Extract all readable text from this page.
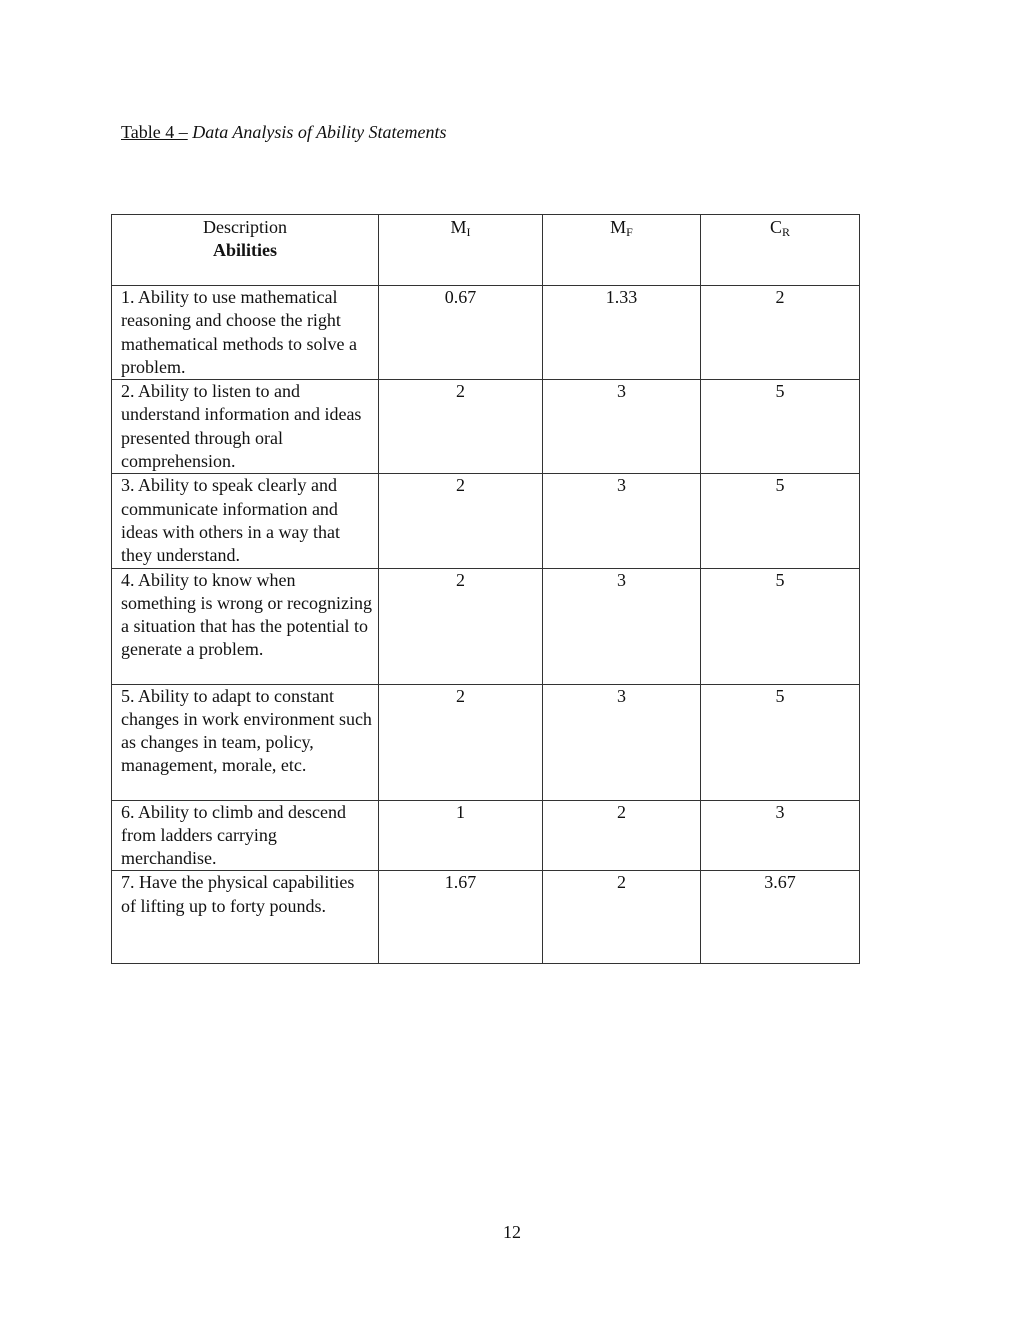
Table 4 – Data Analysis of Ability Statements
Description
Abilities	$M_I$	$M_F$	$C_R$
1. Ability to use mathematical reasoning and choose the right mathematical methods to solve a problem.	0.67	1.33	2
2. Ability to listen to and understand information and ideas presented through oral comprehension.	2	3	5
3. Ability to speak clearly and communicate information and ideas with others in a way that they understand.	2	3	5
4. Ability to know when something is wrong or recognizing a situation that has the potential to generate a problem.	2	3	5
5. Ability to adapt to constant changes in work environment such as changes in team, policy, management, morale, etc.	2	3	5
6. Ability to climb and descend from ladders carrying merchandise.	1	2	3
7. Have the physical capabilities of lifting up to forty pounds.	1.67	2	3.67
12
